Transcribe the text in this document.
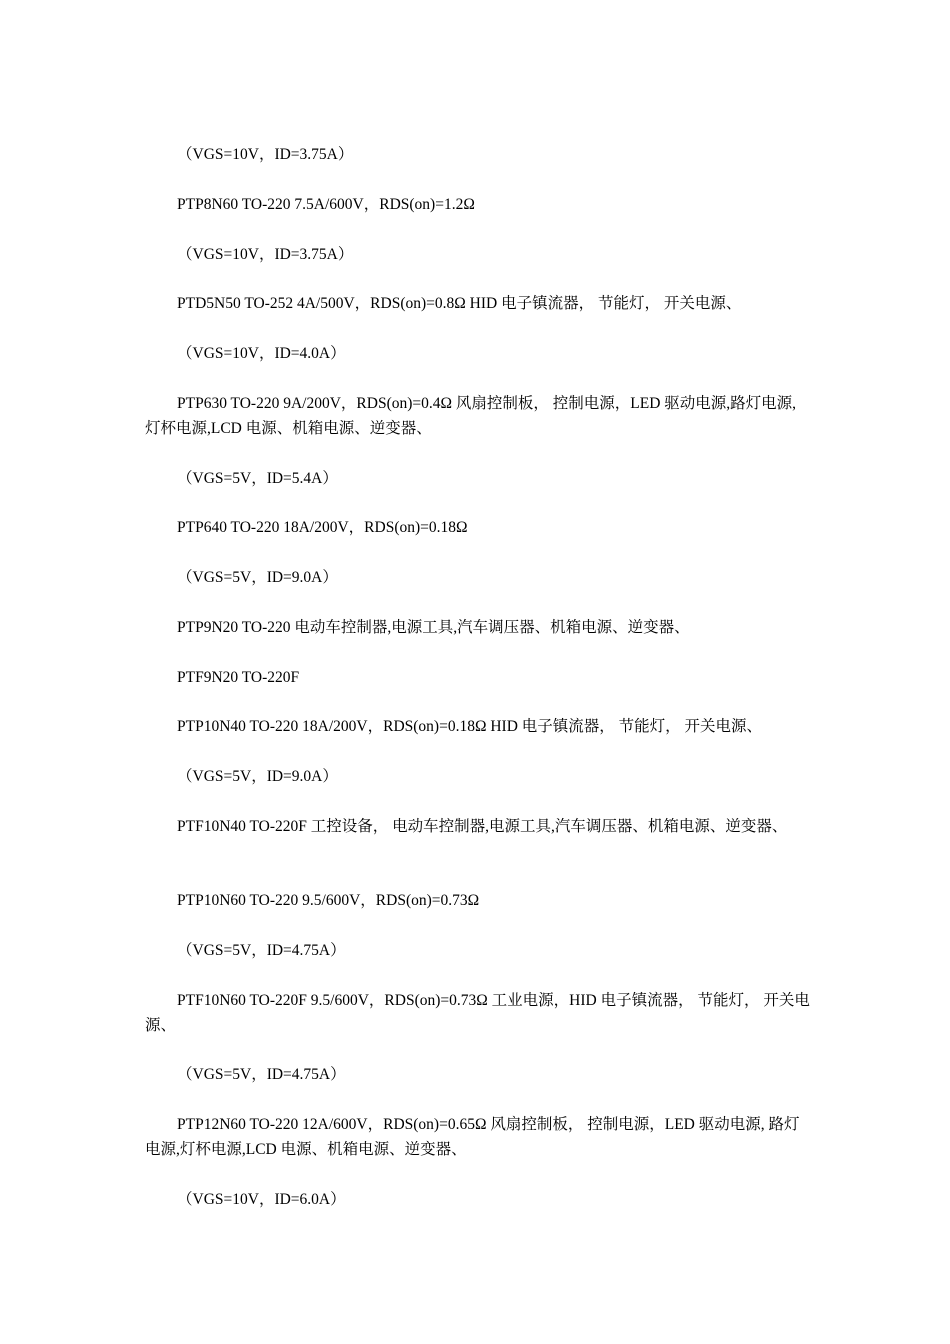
（VGS=10V，ID=3.75A）

PTP8N60 TO-220 7.5A/600V，RDS(on)=1.2Ω

（VGS=10V，ID=3.75A）

PTD5N50 TO-252 4A/500V，RDS(on)=0.8Ω HID 电子镇流器， 节能灯， 开关电源、

（VGS=10V，ID=4.0A）

PTP630 TO-220 9A/200V，RDS(on)=0.4Ω 风扇控制板， 控制电源，LED 驱动电源,路灯电源,灯杯电源,LCD 电源、机箱电源、逆变器、

（VGS=5V，ID=5.4A）

PTP640 TO-220 18A/200V，RDS(on)=0.18Ω

（VGS=5V，ID=9.0A）

PTP9N20 TO-220 电动车控制器,电源工具,汽车调压器、机箱电源、逆变器、

PTF9N20 TO-220F

PTP10N40 TO-220 18A/200V，RDS(on)=0.18Ω HID 电子镇流器， 节能灯， 开关电源、

（VGS=5V，ID=9.0A）

PTF10N40 TO-220F 工控设备， 电动车控制器,电源工具,汽车调压器、机箱电源、逆变器、

PTP10N60 TO-220 9.5/600V，RDS(on)=0.73Ω

（VGS=5V，ID=4.75A）

PTF10N60 TO-220F 9.5/600V，RDS(on)=0.73Ω 工业电源，HID 电子镇流器， 节能灯， 开关电源、

（VGS=5V，ID=4.75A）

PTP12N60 TO-220 12A/600V，RDS(on)=0.65Ω 风扇控制板， 控制电源，LED 驱动电源, 路灯电源,灯杯电源,LCD 电源、机箱电源、逆变器、

（VGS=10V，ID=6.0A）
